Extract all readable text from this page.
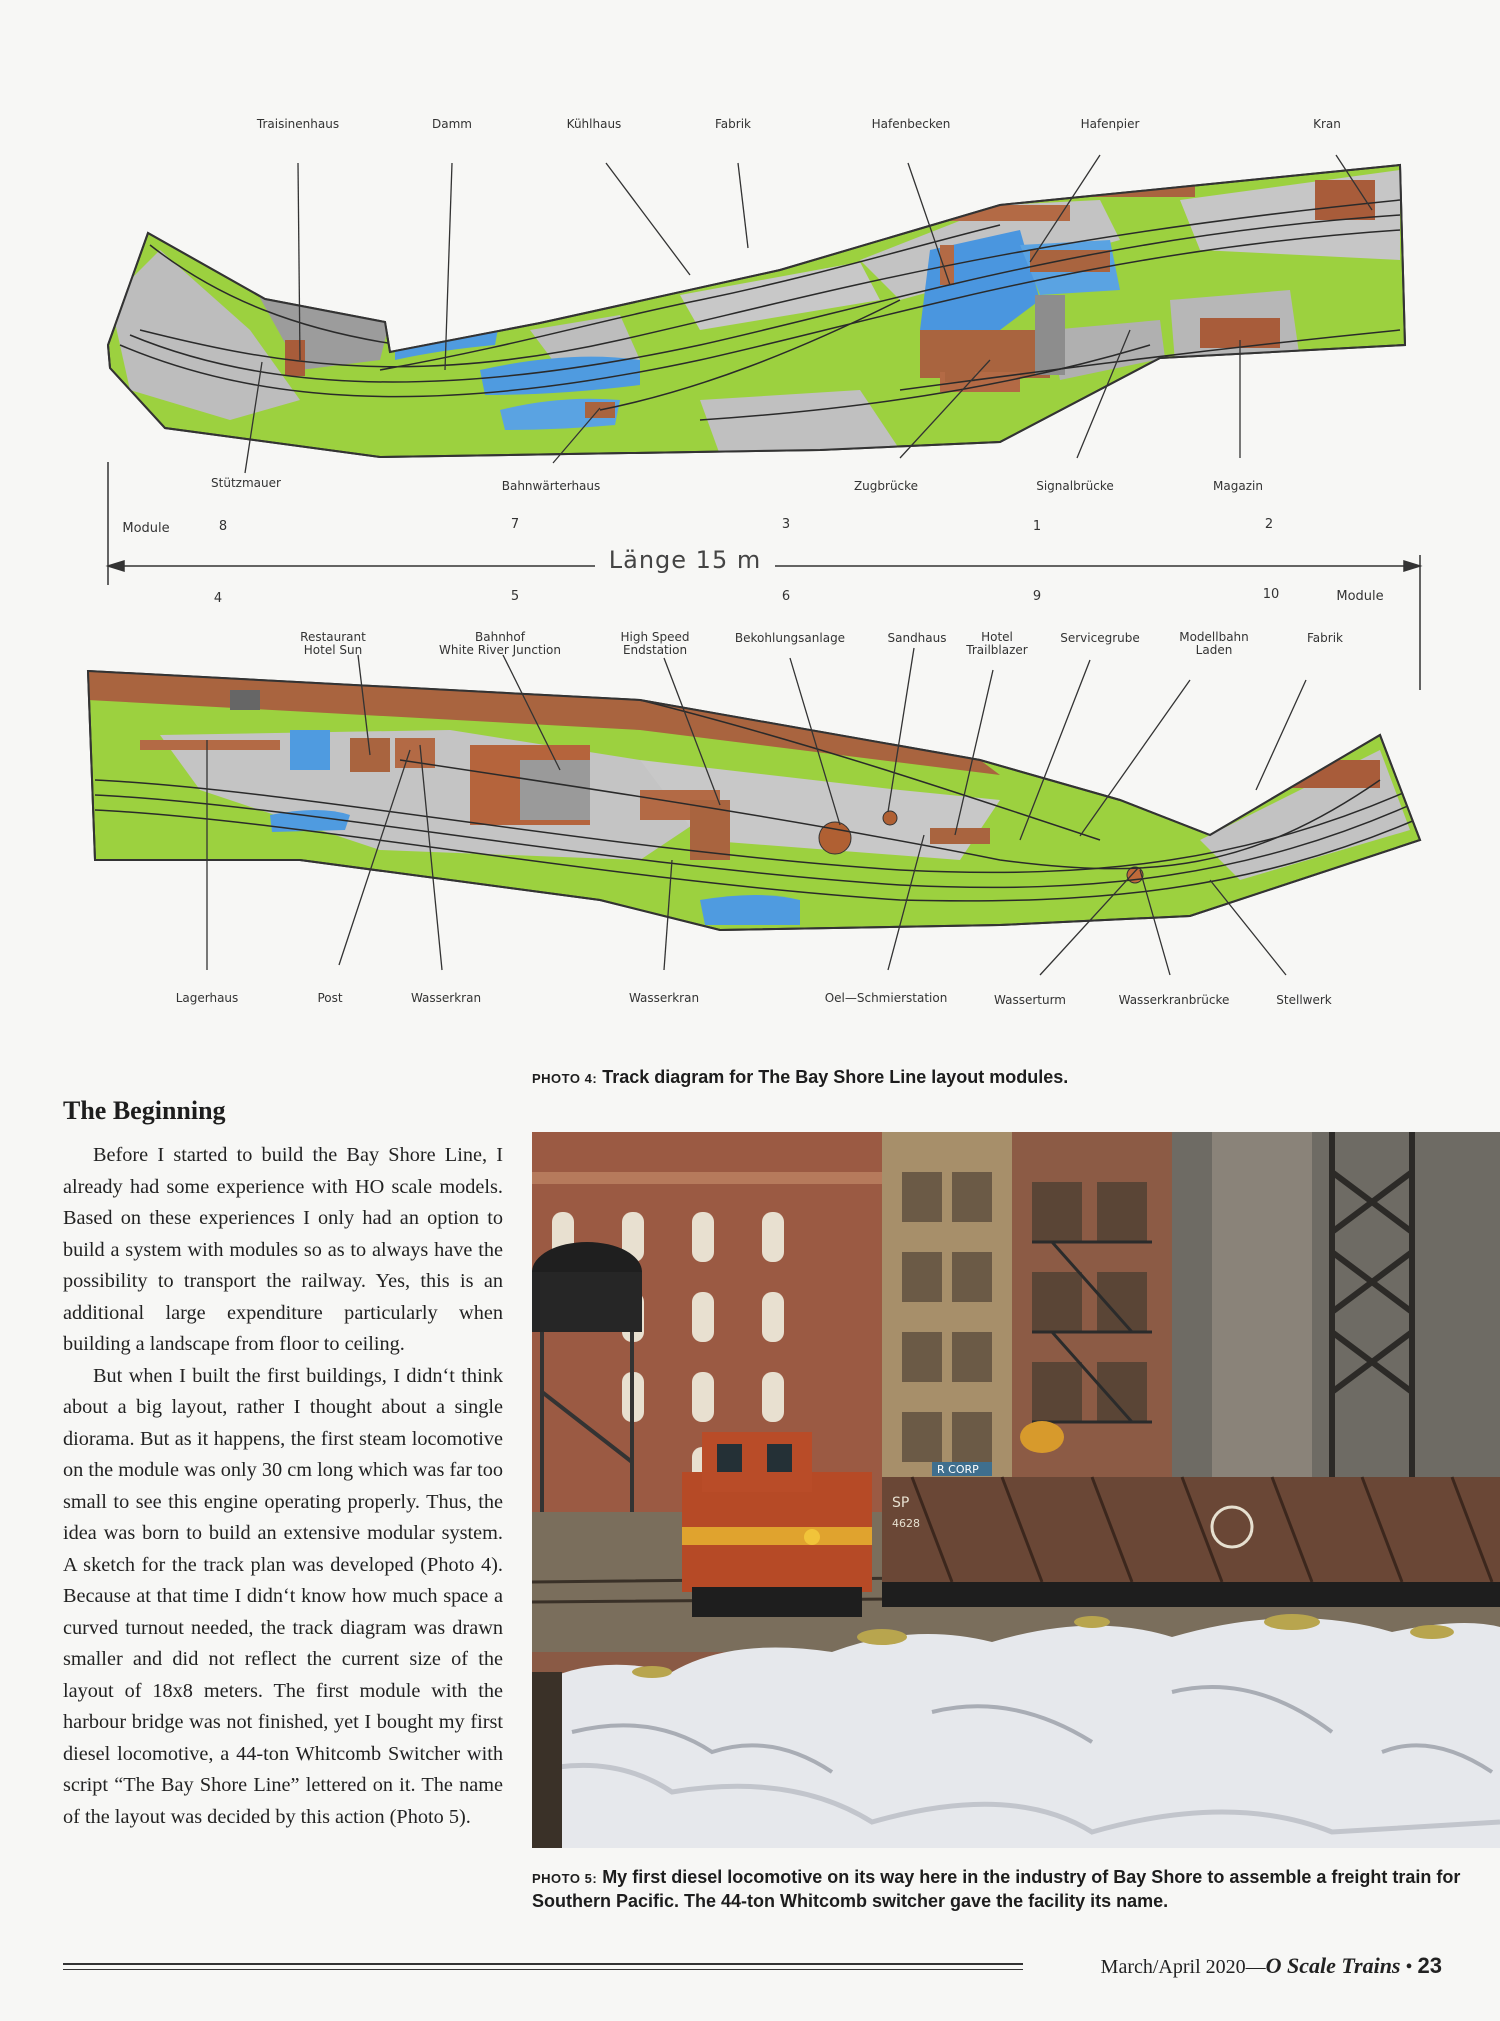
Traisinenhaus	Damm	Kühlhaus	Fabrik	Hafenbecken	Hafenpier	Kran
Stützmauer	Bahnwärterhaus	Zugbrücke	Signalbrücke	Magazin
Module	8	7	3	1	2
Länge 15 m
4	5	6	9	10	Module
Restaurant
Hotel Sun
Bahnhof
White River Junction
High Speed
Endstation
Bekohlungsanlage	Sandhaus	Hotel
Trailblazer
Servicegrube	Modellbahn
Laden
Fabrik
Lagerhaus	Post	Wasserkran	Wasserkran	Oel—Schmierstation	Wasserturm	Wasserkranbrücke	Stellwerk
PHOTO 4: Track diagram for The Bay Shore Line layout modules.
The Beginning

Before I started to build the Bay Shore Line, I already had some experience with HO scale models. Based on these experiences I only had an option to build a system with modules so as to always have the possibility to transport the railway. Yes, this is an additional large expenditure particularly when building a landscape from floor to ceiling.

But when I built the first buildings, I didn‘t think about a big layout, rather I thought about a single diorama. But as it happens, the first steam locomotive on the module was only 30 cm long which was far too small to see this engine operating properly. Thus, the idea was born to build an extensive modular system. A sketch for the track plan was developed (Photo 4). Because at that time I didn‘t know how much space a curved turnout needed, the track diagram was drawn smaller and did not reflect the current size of the layout of 18x8 meters. The first module with the harbour bridge was not finished, yet I bought my first diesel locomotive, a 44-ton Whitcomb Switcher with script “The Bay Shore Line” lettered on it. The name of the layout was decided by this action (Photo 5).

R CORP
SP
4628
PHOTO 5: My first diesel locomotive on its way here in the industry of Bay Shore to assemble a freight train for Southern Pacific. The 44-ton Whitcomb switcher gave the facility its name.
March/April 2020—O Scale Trains • 23
